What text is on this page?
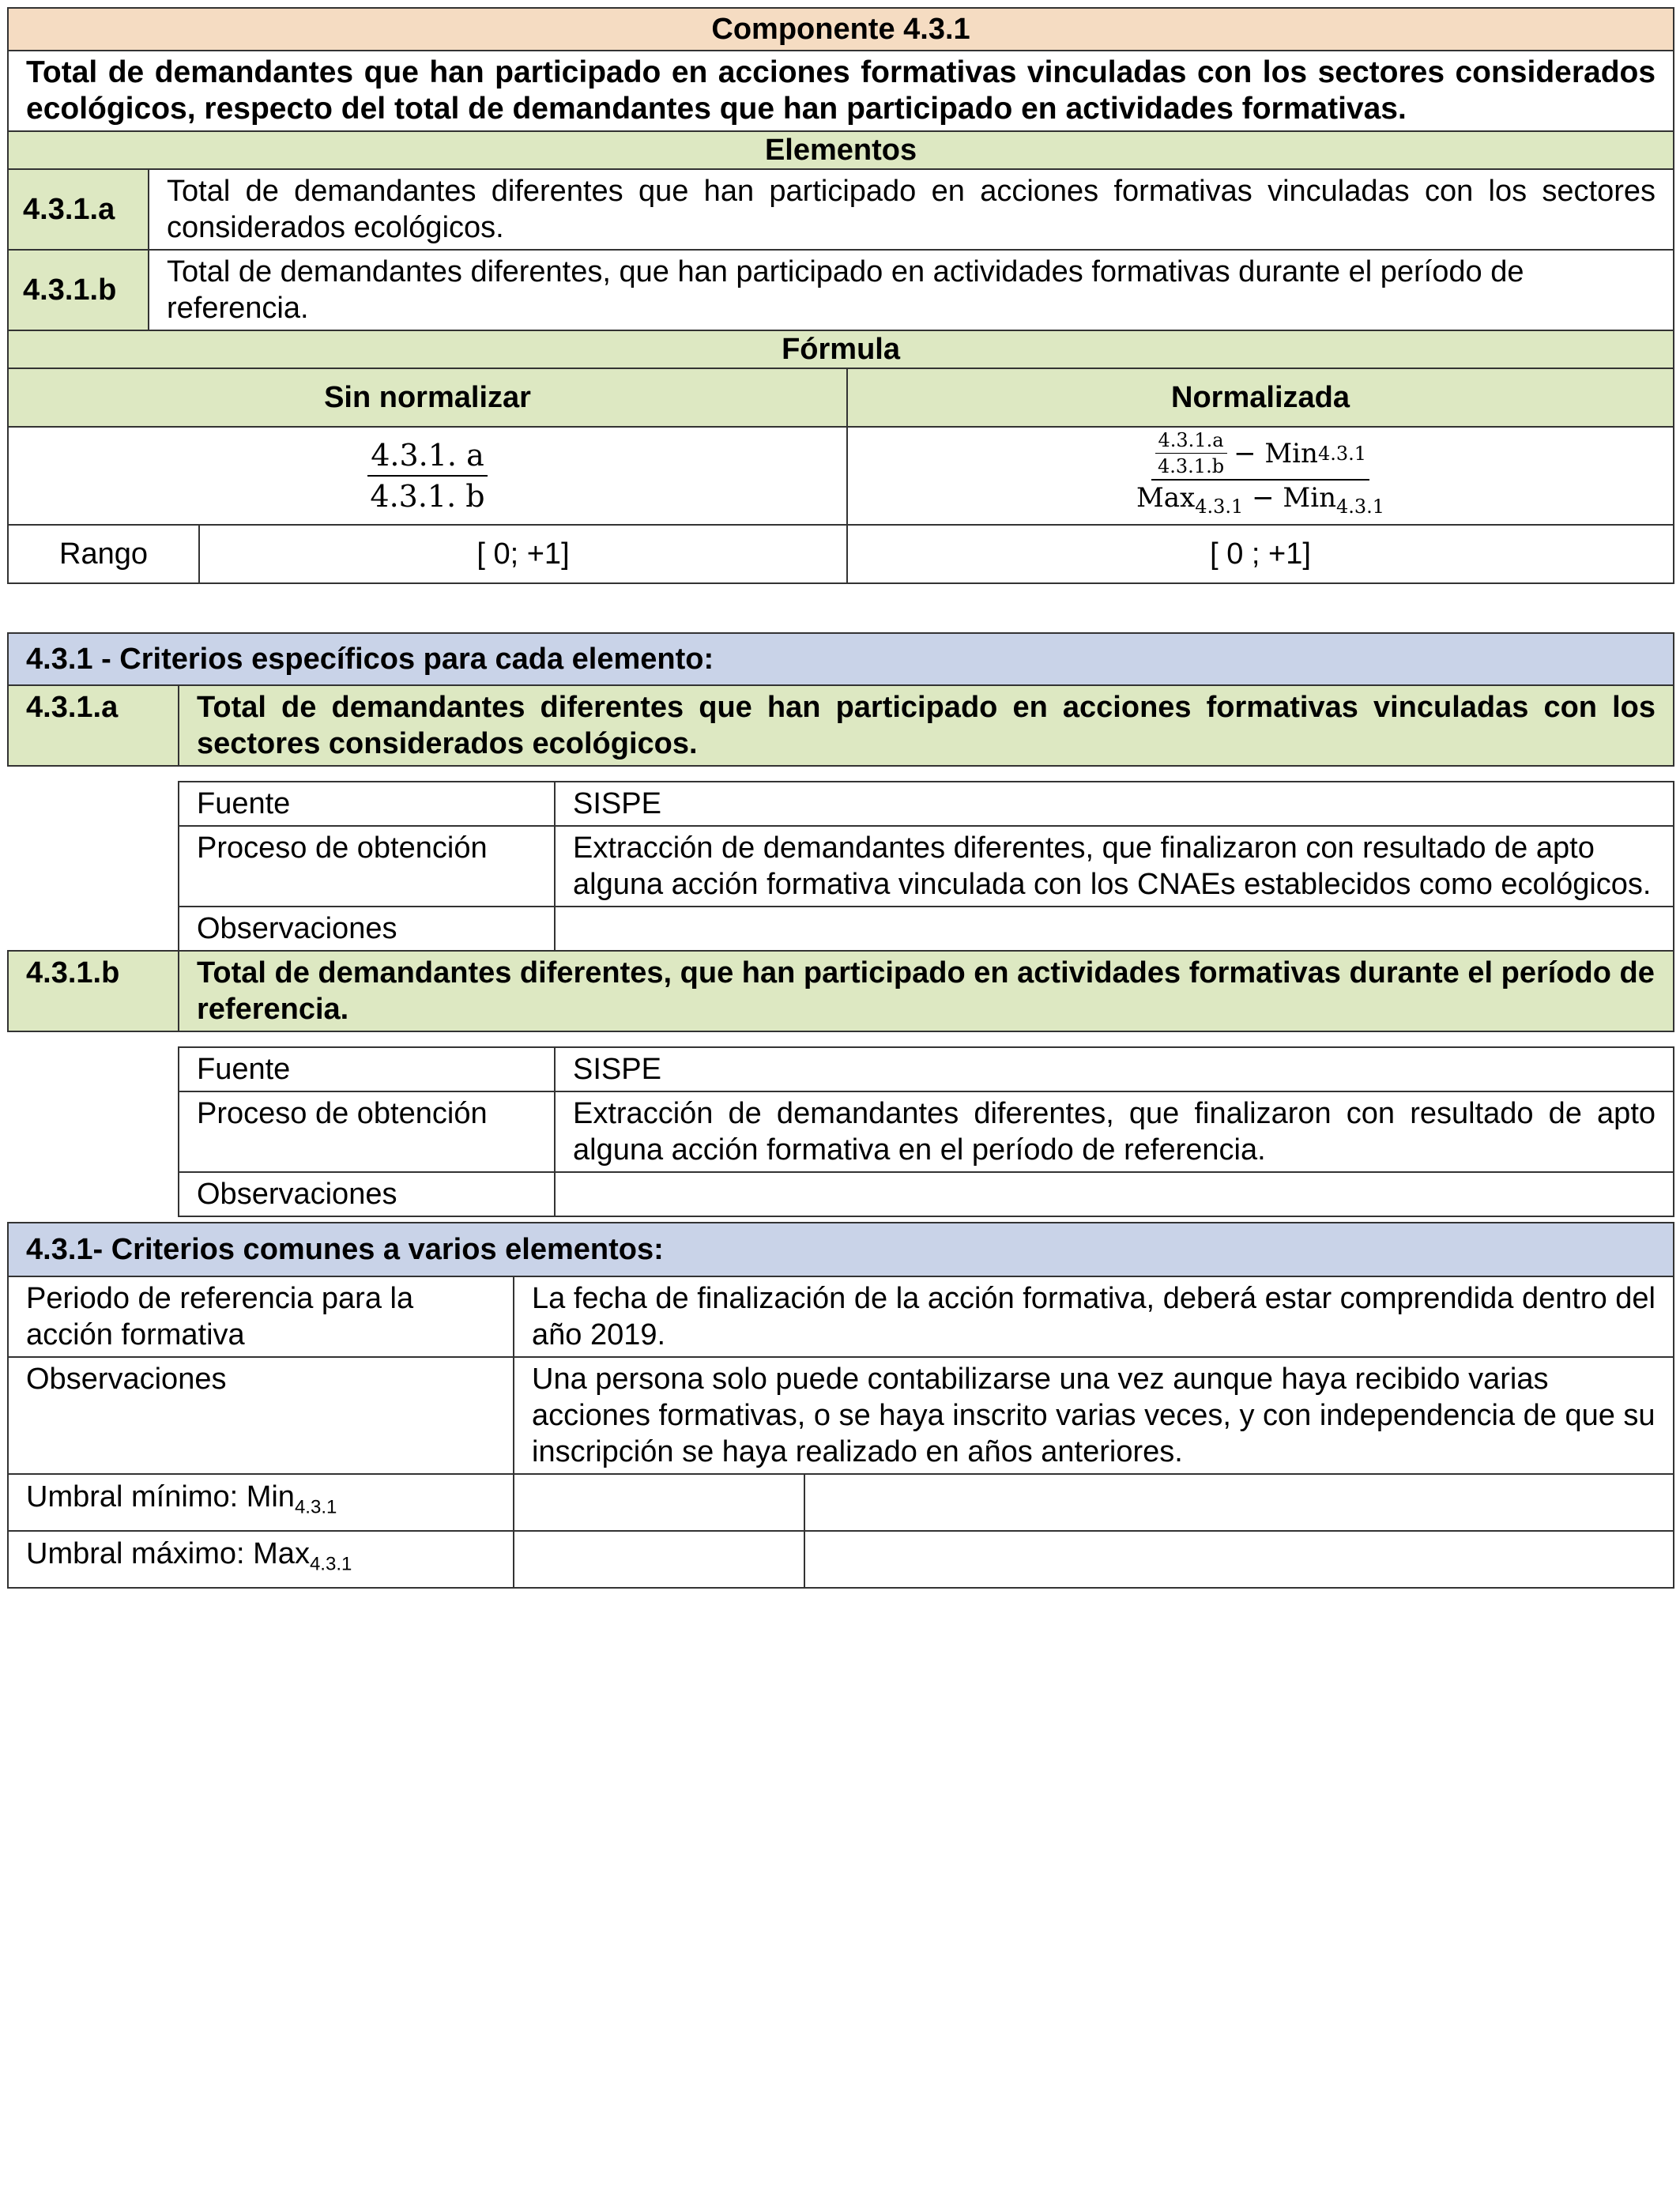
Componente 4.3.1			
Total de demandantes que han participado en acciones formativas vinculadas con los sectores considerados ecológicos, respecto del total de demandantes que han participado en actividades formativas.			
Elementos			
4.3.1.a	Total de demandantes diferentes que han participado en acciones formativas vinculadas con los sectores considerados ecológicos.		
4.3.1.b	Total de demandantes diferentes, que han participado en actividades formativas durante el período de referencia.		
Fórmula			
Sin normalizar			Normalizada

$\frac{4.3.1. a}{4.3.1. b}$			$\frac{\frac{4.3.1.a}{4.3.1.b} - Min 4.3.1}{Max_{4.3.1} - Min_{4.3.1}}$

Rango		[ 0; +1]	[ 0 ; +1]
4.3.1 - Criterios específicos para cada elemento:		
4.3.1.a	Total de demandantes diferentes que han participado en acciones formativas vinculadas con los sectores considerados ecológicos.	

	Fuente	SISPE
	Proceso de obtención	Extracción de demandantes diferentes, que finalizaron con resultado de apto alguna acción formativa vinculada con los CNAEs establecidos como ecológicos.
	Observaciones	
4.3.1.b	Total de demandantes diferentes, que han participado en actividades formativas durante el período de referencia.	

	Fuente	SISPE
	Proceso de obtención	Extracción de demandantes diferentes, que finalizaron con resultado de apto alguna acción formativa en el período de referencia.
	Observaciones	
4.3.1- Criterios comunes a varios elementos:		
Periodo de referencia para la acción formativa	La fecha de finalización de la acción formativa, deberá estar comprendida dentro del año 2019.	
Observaciones	Una persona solo puede contabilizarse una vez aunque haya recibido varias acciones formativas, o se haya inscrito varias veces, y con independencia de que su inscripción se haya realizado en años anteriores.	
Umbral mínimo: Min$_{4.3.1}$		
Umbral máximo: Max$_{4.3.1}$		
